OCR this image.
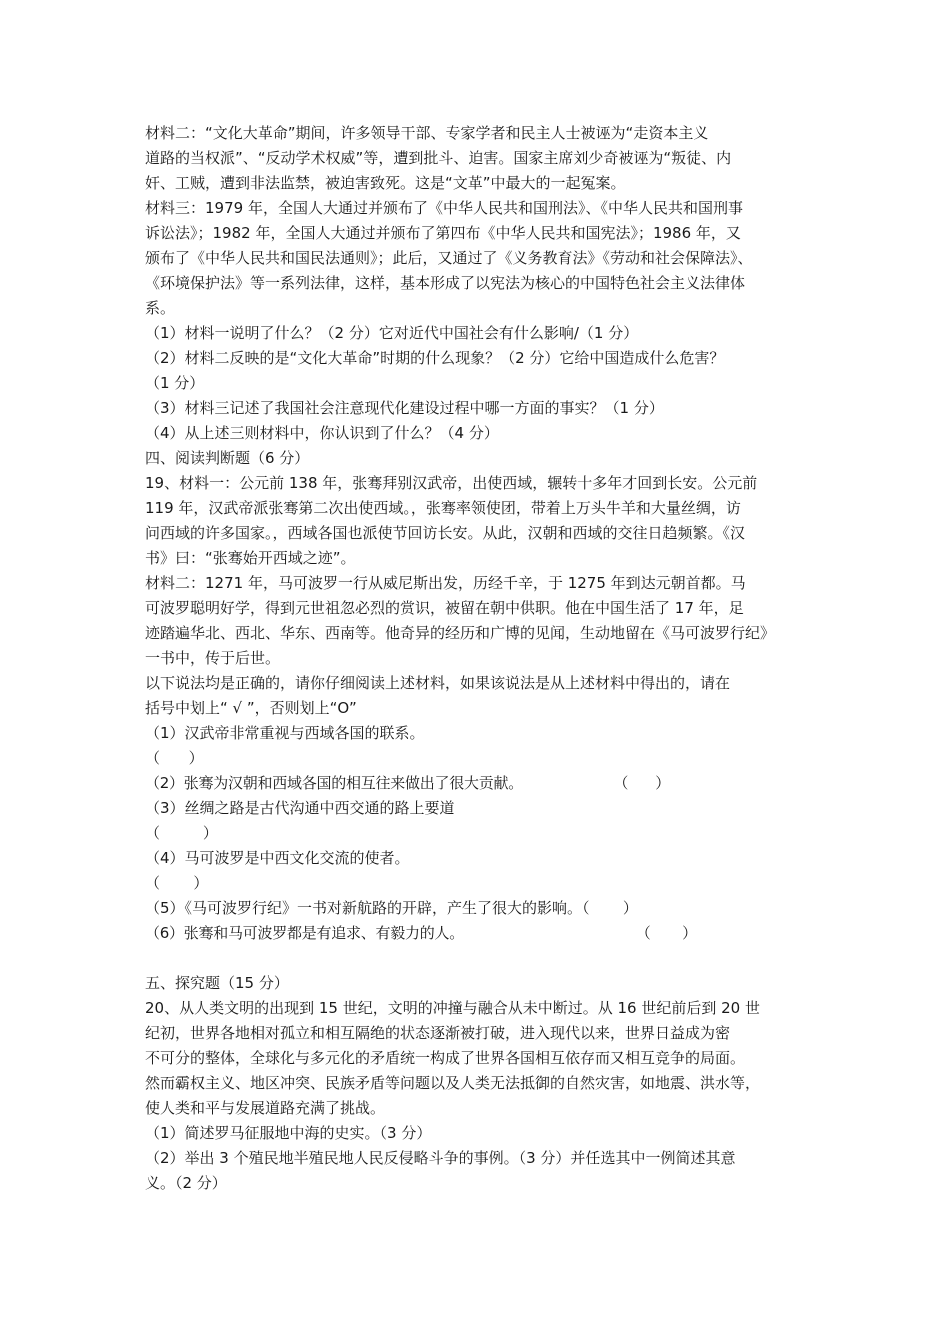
材料二：“文化大革命”期间，许多领导干部、专家学者和民主人士被诬为“走资本主义
道路的当权派”、“反动学术权威”等，遭到批斗、迫害。国家主席刘少奇被诬为“叛徒、内
奸、工贼，遭到非法监禁，被迫害致死。这是“文革”中最大的一起冤案。
材料三：1979 年，全国人大通过并颁布了《中华人民共和国刑法》、《中华人民共和国刑事
诉讼法》；1982 年，全国人大通过并颁布了第四布《中华人民共和国宪法》；1986 年，又
颁布了《中华人民共和国民法通则》；此后，又通过了《义务教育法》《劳动和社会保障法》、
《环境保护法》等一系列法律，这样，基本形成了以宪法为核心的中国特色社会主义法律体
系。
（1）材料一说明了什么？（2 分）它对近代中国社会有什么影响/（1 分）
（2）材料二反映的是“文化大革命”时期的什么现象？（2 分）它给中国造成什么危害？
（1 分）
（3）材料三记述了我国社会注意现代化建设过程中哪一方面的事实？（1 分）
（4）从上述三则材料中，你认识到了什么？（4 分）
四、阅读判断题（6 分）
19、材料一：公元前 138 年，张骞拜别汉武帝，出使西域，辗转十多年才回到长安。公元前
119 年，汉武帝派张骞第二次出使西域。，张骞率领使团，带着上万头牛羊和大量丝绸，访
问西域的许多国家。，西域各国也派使节回访长安。从此，汉朝和西域的交往日趋频繁。《汉
书》曰：“张骞始开西域之迹”。
材料二：1271 年，马可波罗一行从威尼斯出发，历经千辛，于 1275 年到达元朝首都。马
可波罗聪明好学，得到元世祖忽必烈的赏识，被留在朝中供职。他在中国生活了 17 年，足
迹踏遍华北、西北、华东、西南等。他奇异的经历和广博的见闻，生动地留在《马可波罗行纪》
一书中，传于后世。
以下说法均是正确的，请你仔细阅读上述材料，如果该说法是从上述材料中得出的，请在
括号中划上“ √ ”，否则划上“O”
（1）汉武帝非常重视与西域各国的联系。
（      ）
（2）张骞为汉朝和西域各国的相互往来做出了很大贡献。                    （      ）
（3）丝绸之路是古代沟通中西交通的路上要道
（         ）
（4）马可波罗是中西文化交流的使者。
（       ）
（5）《马可波罗行纪》一书对新航路的开辟，产生了很大的影响。（       ）
（6）张骞和马可波罗都是有追求、有毅力的人。                                      （       ）
五、探究题（15 分）
20、从人类文明的出现到 15 世纪，文明的冲撞与融合从未中断过。从 16 世纪前后到 20 世
纪初，世界各地相对孤立和相互隔绝的状态逐渐被打破，进入现代以来，世界日益成为密
不可分的整体，全球化与多元化的矛盾统一构成了世界各国相互依存而又相互竞争的局面。
然而霸权主义、地区冲突、民族矛盾等问题以及人类无法抵御的自然灾害，如地震、洪水等，
使人类和平与发展道路充满了挑战。
（1）简述罗马征服地中海的史实。（3 分）
（2）举出 3 个殖民地半殖民地人民反侵略斗争的事例。（3 分）并任选其中一例简述其意
义。（2 分）
